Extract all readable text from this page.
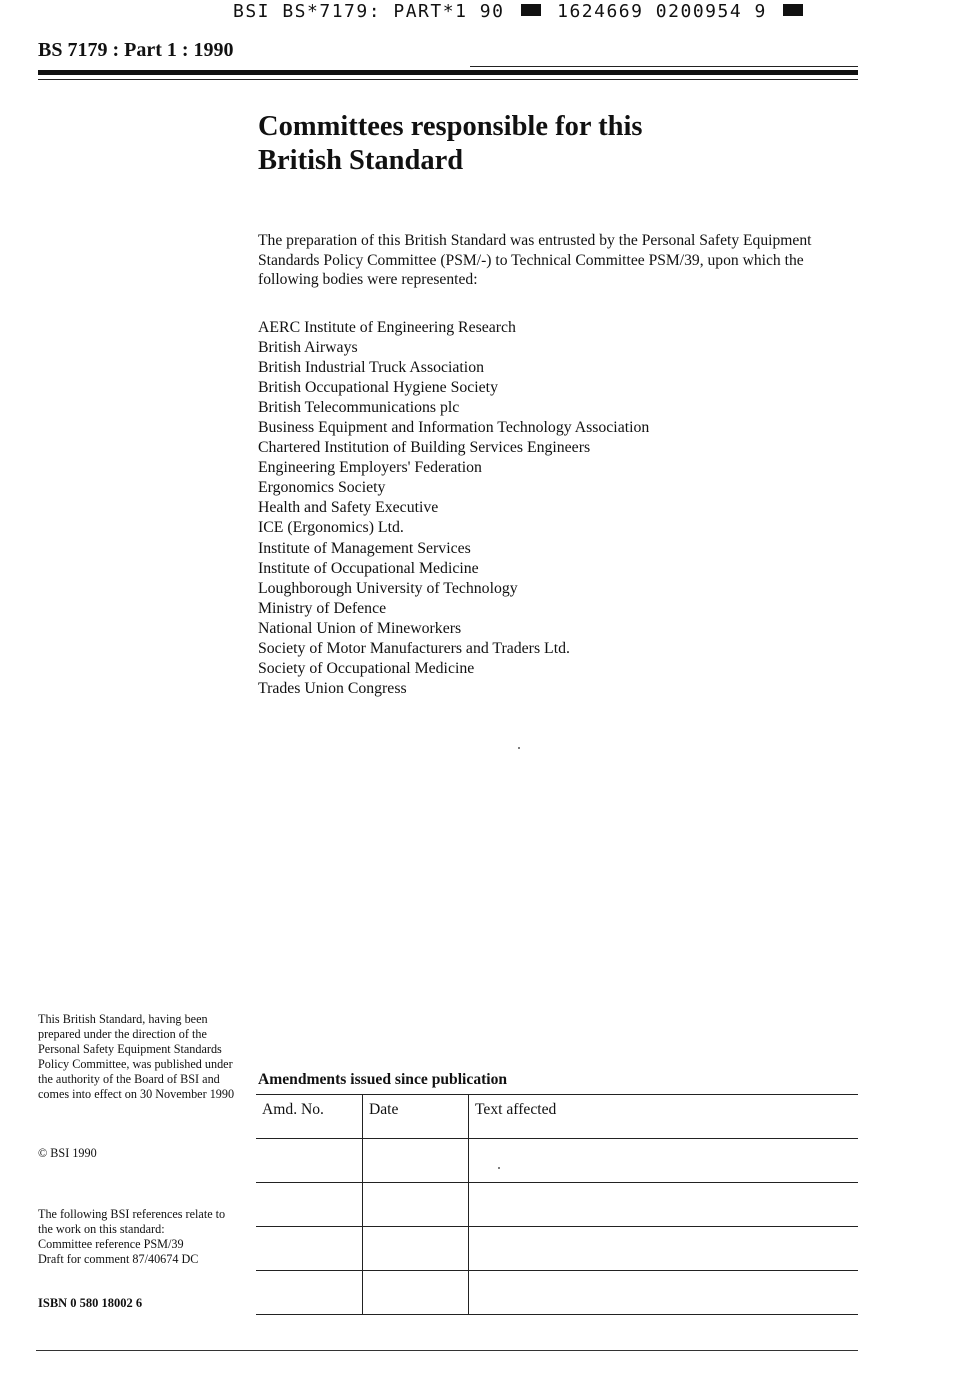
BSI BS*7179: PART*1 90	1624669 0200954 9
BS 7179 : Part 1 : 1990
Committees responsible for this
British Standard
The preparation of this British Standard was entrusted by the Personal Safety Equipment Standards Policy Committee (PSM/-) to Technical Committee PSM/39, upon which the following bodies were represented:
AERC Institute of Engineering Research
British Airways
British Industrial Truck Association
British Occupational Hygiene Society
British Telecommunications plc
Business Equipment and Information Technology Association
Chartered Institution of Building Services Engineers
Engineering Employers' Federation
Ergonomics Society
Health and Safety Executive
ICE (Ergonomics) Ltd.
Institute of Management Services
Institute of Occupational Medicine
Loughborough University of Technology
Ministry of Defence
National Union of Mineworkers
Society of Motor Manufacturers and Traders Ltd.
Society of Occupational Medicine
Trades Union Congress
This British Standard, having been prepared under the direction of the Personal Safety Equipment Standards Policy Committee, was published under the authority of the Board of BSI and comes into effect on 30 November 1990
© BSI 1990
The following BSI references relate to the work on this standard:
Committee reference PSM/39
Draft for comment 87/40674 DC
ISBN 0 580 18002 6
Amendments issued since publication
Amd. No.	Date	Text affected
